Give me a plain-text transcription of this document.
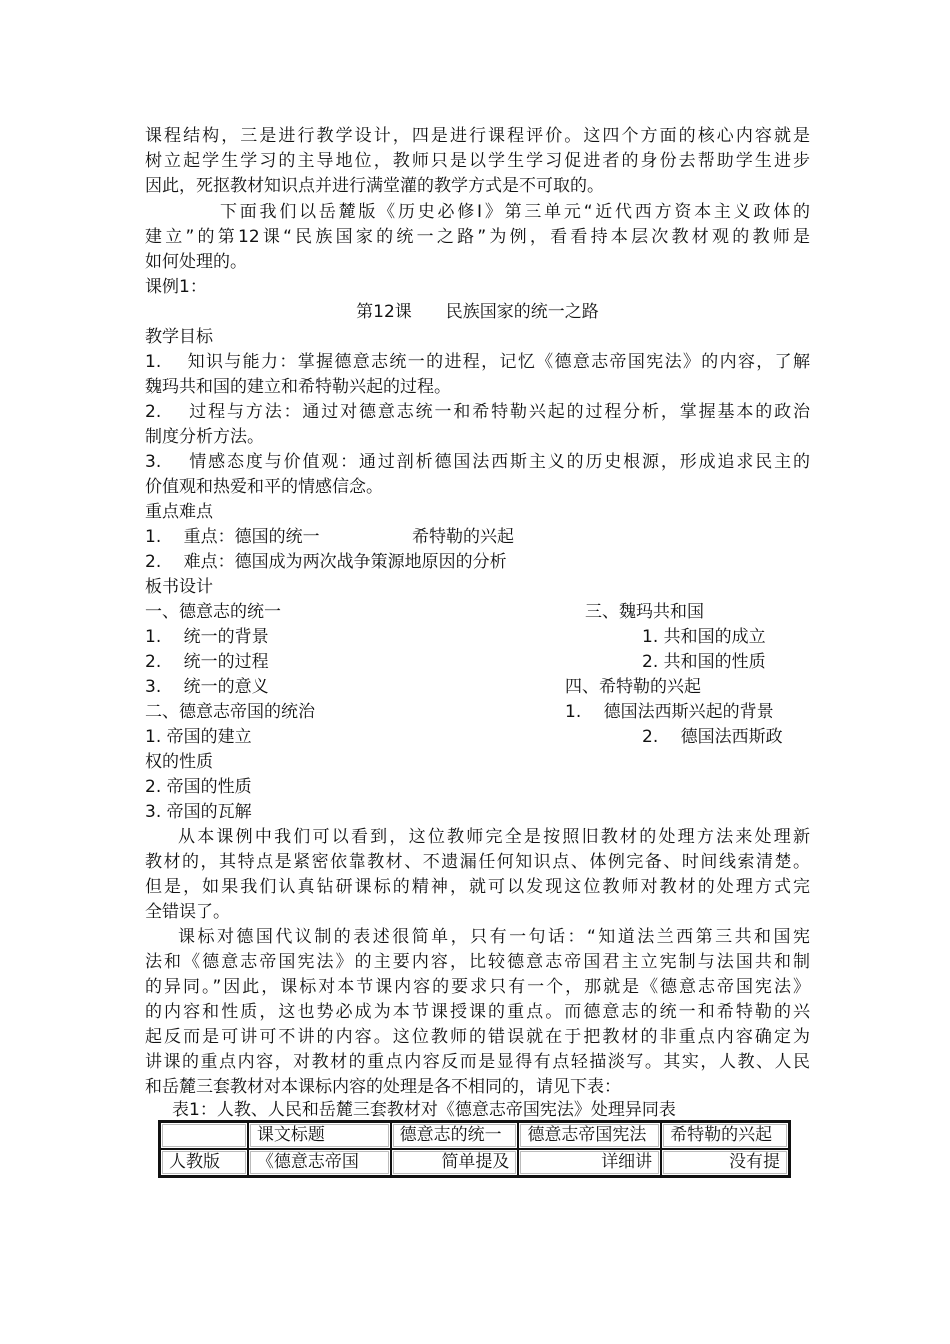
课程结构，三是进行教学设计，四是进行课程评价。这四个方面的核心内容就是
树立起学生学习的主导地位，教师只是以学生学习促进者的身份去帮助学生进步
因此，死抠教材知识点并进行满堂灌的教学方式是不可取的。
下面我们以岳麓版《历史必修Ⅰ》第三单元“近代西方资本主义政体的
建立”的第12课“民族国家的统一之路”为例，看看持本层次教材观的教师是
如何处理的。
课例1：
第12课　　民族国家的统一之路
教学目标
1.　 知识与能力：掌握德意志统一的进程，记忆《德意志帝国宪法》的内容，了解
魏玛共和国的建立和希特勒兴起的过程。
2.　 过程与方法：通过对德意志统一和希特勒兴起的过程分析，掌握基本的政治
制度分析方法。
3.　 情感态度与价值观：通过剖析德国法西斯主义的历史根源，形成追求民主的
价值观和热爱和平的情感信念。
重点难点
1.　 重点：德国的统一	希特勒的兴起
2.　 难点：德国成为两次战争策源地原因的分析
板书设计
一、德意志的统一
1.　 统一的背景
2.　 统一的过程
3.　 统一的意义
二、德意志帝国的统治
1. 帝国的建立
权的性质
2. 帝国的性质
3. 帝国的瓦解
三、魏玛共和国
1. 共和国的成立
2. 共和国的性质
四、希特勒的兴起
1.　 德国法西斯兴起的背景
2.　 德国法西斯政
从本课例中我们可以看到，这位教师完全是按照旧教材的处理方法来处理新
教材的，其特点是紧密依靠教材、不遗漏任何知识点、体例完备、时间线索清楚。
但是，如果我们认真钻研课标的精神，就可以发现这位教师对教材的处理方式完
全错误了。
课标对德国代议制的表述很简单，只有一句话：“知道法兰西第三共和国宪
法和《德意志帝国宪法》的主要内容，比较德意志帝国君主立宪制与法国共和制
的异同。”因此，课标对本节课内容的要求只有一个，那就是《德意志帝国宪法》
的内容和性质，这也势必成为本节课授课的重点。而德意志的统一和希特勒的兴
起反而是可讲可不讲的内容。这位教师的错误就在于把教材的非重点内容确定为
讲课的重点内容，对教材的重点内容反而是显得有点轻描淡写。其实，人教、人民
和岳麓三套教材对本课标内容的处理是各不相同的，请见下表：
表1：人教、人民和岳麓三套教材对《德意志帝国宪法》处理异同表
	课文标题	德意志的统一	德意志帝国宪法	希特勒的兴起
人教版	《德意志帝国	简单提及	详细讲	没有提
